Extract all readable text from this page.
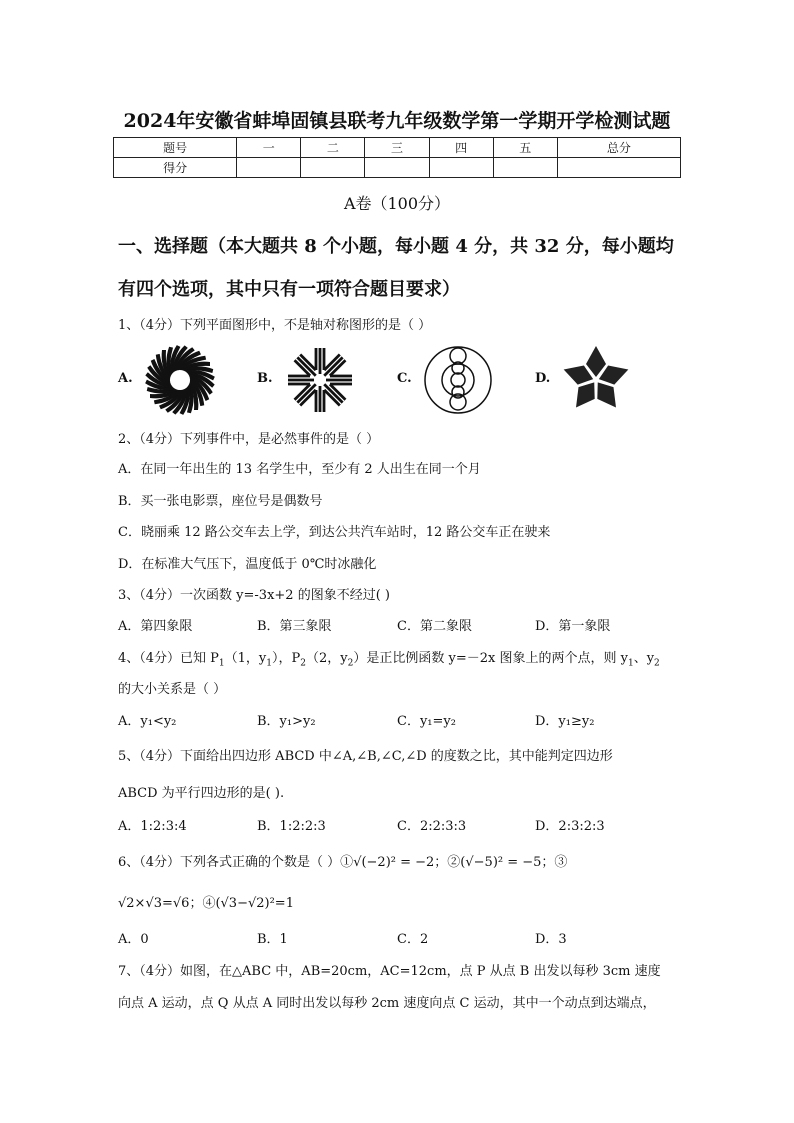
2024年安徽省蚌埠固镇县联考九年级数学第一学期开学检测试题
题号	一	二	三	四	五	总分
得分						
A卷（100分）
一、选择题（本大题共 8 个小题，每小题 4 分，共 32 分，每小题均
有四个选项，其中只有一项符合题目要求）
1、（4分）下列平面图形中，不是轴对称图形的是（ ）
A.	B.	C.	D.
2、（4分）下列事件中，是必然事件的是（ ）
A．在同一年出生的 13 名学生中，至少有 2 人出生在同一个月
B．买一张电影票，座位号是偶数号
C．晓丽乘 12 路公交车去上学，到达公共汽车站时，12 路公交车正在驶来
D．在标准大气压下，温度低于 0℃时冰融化
3、（4分）一次函数 y=-3x+2 的图象不经过( )
A．第四象限	B．第三象限	C．第二象限	D．第一象限
4、（4分）已知 $P_1(1$，$y_1$），$P_2(2$，$y_2$）是正比例函数 y=－2x 图象上的两个点，则 $y_1$、$y_2$
的大小关系是（ ）
A．y₁<y₂	B．y₁>y₂	C．y₁=y₂	D．y₁≥y₂
5、（4分）下面给出四边形 ABCD 中∠A,∠B,∠C,∠D 的度数之比，其中能判定四边形
ABCD 为平行四边形的是( ).
A．1:2:3:4	B．1:2:2:3	C．2:2:3:3	D．2:3:2:3
6、（4分）下列各式正确的个数是（ ）①√(−2)² = −2；②(√−5)² = −5；③
√2×√3=√6；④(√3−√2)²=1
A．0	B．1	C．2	D．3
7、（4分）如图，在△ABC 中，AB=20cm，AC=12cm，点 P 从点 B 出发以每秒 3cm 速度
向点 A 运动，点 Q 从点 A 同时出发以每秒 2cm 速度向点 C 运动，其中一个动点到达端点，
